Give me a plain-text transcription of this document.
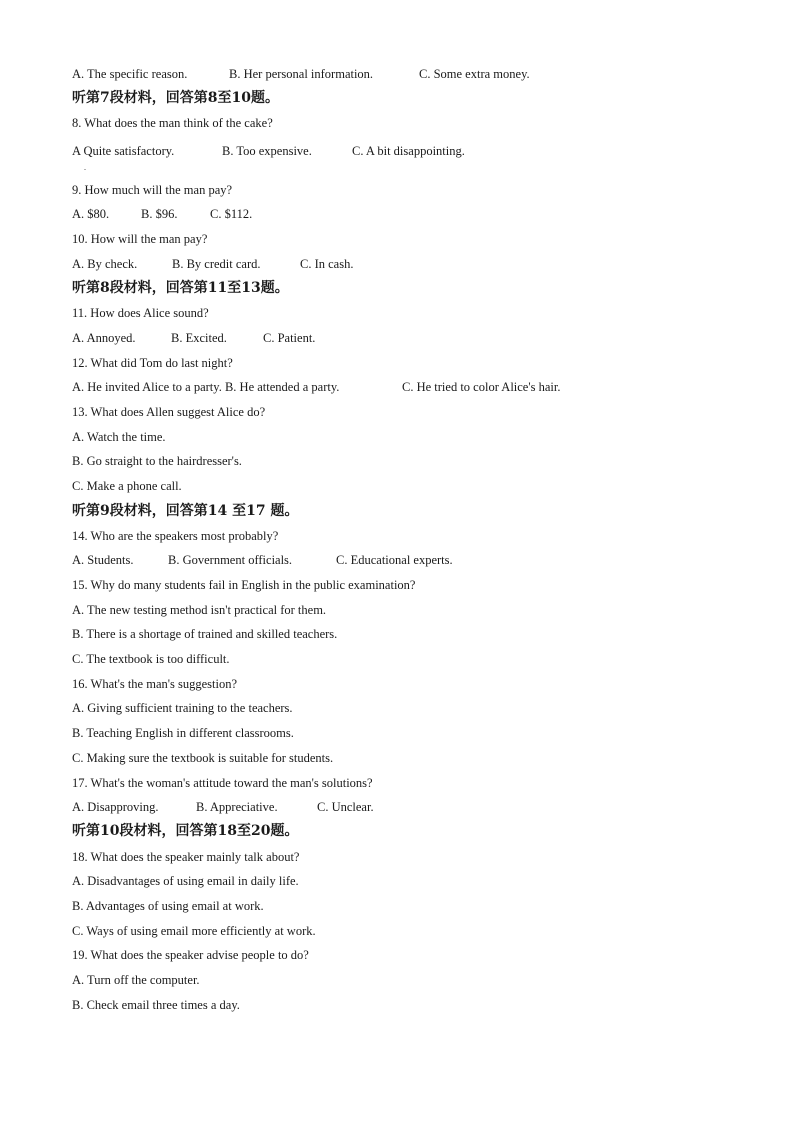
A. The specific reason.	B. Her personal information.	C. Some extra money.
听第7段材料，回答第8至10题。
8. What does the man think of the cake?
A Quite satisfactory.	B. Too expensive.	C. A bit disappointing.
.
9. How much will the man pay?
A. $80.	B. $96.	C. $112.
10. How will the man pay?
A. By check.	B. By credit card.	C. In cash.
听第8段材料，回答第11至13题。
11. How does Alice sound?
A. Annoyed.	B. Excited.	C. Patient.
12. What did Tom do last night?
A. He invited Alice to a party. B. He attended a party.	C. He tried to color Alice's hair.
13. What does Allen suggest Alice do?
A. Watch the time.
B. Go straight to the hairdresser's.
C. Make a phone call.
听第9段材料，回答第14 至17 题。
14. Who are the speakers most probably?
A. Students.	B. Government officials.	C. Educational experts.
15. Why do many students fail in English in the public examination?
A. The new testing method isn't practical for them.
B. There is a shortage of trained and skilled teachers.
C. The textbook is too difficult.
16. What's the man's suggestion?
A. Giving sufficient training to the teachers.
B. Teaching English in different classrooms.
C. Making sure the textbook is suitable for students.
17. What's the woman's attitude toward the man's solutions?
A. Disapproving.	B. Appreciative.	C. Unclear.
听第10段材料，回答第18至20题。
18. What does the speaker mainly talk about?
A. Disadvantages of using email in daily life.
B. Advantages of using email at work.
C. Ways of using email more efficiently at work.
19. What does the speaker advise people to do?
A. Turn off the computer.
B. Check email three times a day.
